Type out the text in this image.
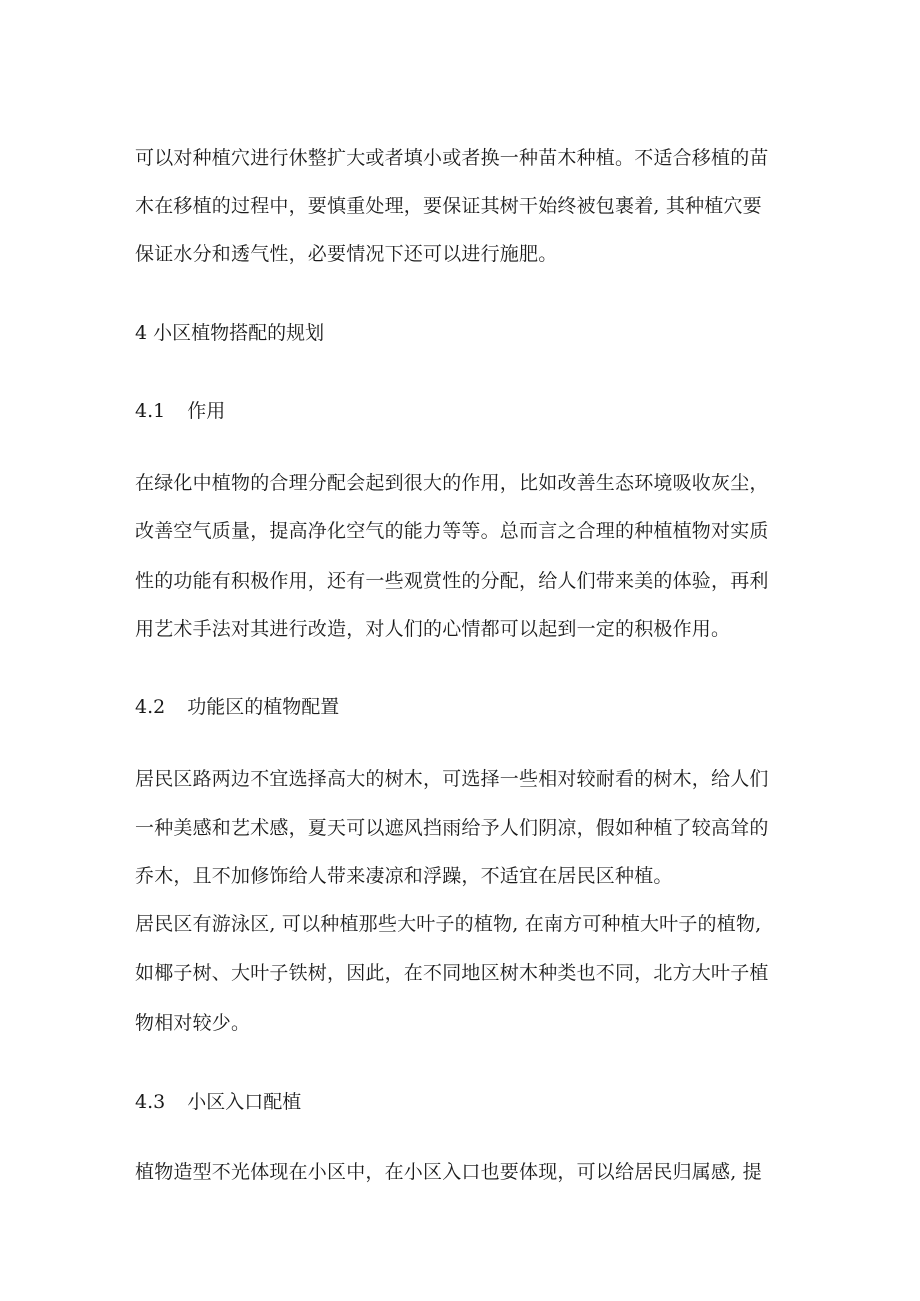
可以对种植穴进行休整扩大或者填小或者换一种苗木种植。不适合移植的苗
木在移植的过程中，要慎重处理，要保证其树干始终被包裹着, 其种植穴要
保证水分和透气性，必要情况下还可以进行施肥。
4 小区植物搭配的规划
4.1 作用
在绿化中植物的合理分配会起到很大的作用，比如改善生态环境吸收灰尘，
改善空气质量，提高净化空气的能力等等。总而言之合理的种植植物对实质
性的功能有积极作用，还有一些观赏性的分配，给人们带来美的体验，再利
用艺术手法对其进行改造，对人们的心情都可以起到一定的积极作用。
4.2 功能区的植物配置
居民区路两边不宜选择高大的树木，可选择一些相对较耐看的树木，给人们
一种美感和艺术感，夏天可以遮风挡雨给予人们阴凉，假如种植了较高耸的
乔木，且不加修饰给人带来凄凉和浮躁，不适宜在居民区种植。
居民区有游泳区, 可以种植那些大叶子的植物, 在南方可种植大叶子的植物,
如椰子树、大叶子铁树，因此，在不同地区树木种类也不同，北方大叶子植
物相对较少。
4.3 小区入口配植
植物造型不光体现在小区中，在小区入口也要体现，可以给居民归属感, 提
